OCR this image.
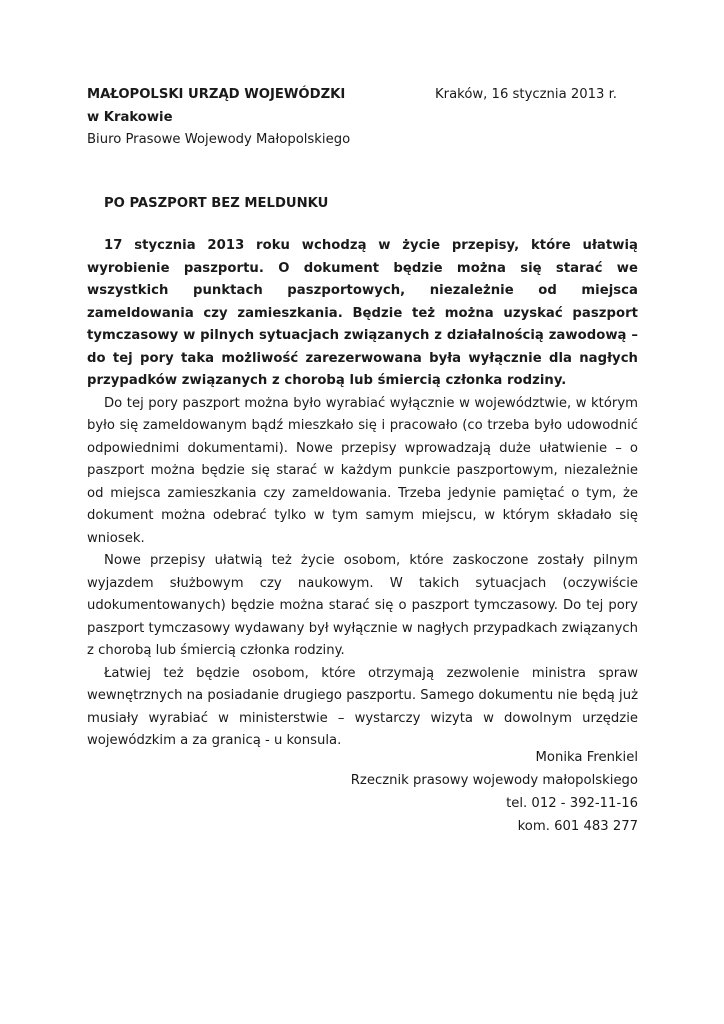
MAŁOPOLSKI URZĄD WOJEWÓDZKI
w Krakowie
Biuro Prasowe Wojewody Małopolskiego
Kraków, 16 stycznia 2013 r.
PO PASZPORT BEZ MELDUNKU

17 stycznia 2013 roku wchodzą w życie przepisy, które ułatwią wyrobienie paszportu. O dokument będzie można się starać we wszystkich punktach paszportowych, niezależnie od miejsca zameldowania czy zamieszkania. Będzie też można uzyskać paszport tymczasowy w pilnych sytuacjach związanych z działalnością zawodową – do tej pory taka możliwość zarezerwowana była wyłącznie dla nagłych przypadków związanych z chorobą lub śmiercią członka rodziny.

Do tej pory paszport można było wyrabiać wyłącznie w województwie, w którym było się zameldowanym bądź mieszkało się i pracowało (co trzeba było udowodnić odpowiednimi dokumentami). Nowe przepisy wprowadzają duże ułatwienie – o paszport można będzie się starać w każdym punkcie paszportowym, niezależnie od miejsca zamieszkania czy zameldowania. Trzeba jedynie pamiętać o tym, że dokument można odebrać tylko w tym samym miejscu, w którym składało się wniosek.

Nowe przepisy ułatwią też życie osobom, które zaskoczone zostały pilnym wyjazdem służbowym czy naukowym. W takich sytuacjach (oczywiście udokumentowanych) będzie można starać się o paszport tymczasowy. Do tej pory paszport tymczasowy wydawany był wyłącznie w nagłych przypadkach związanych z chorobą lub śmiercią członka rodziny.

Łatwiej też będzie osobom, które otrzymają zezwolenie ministra spraw wewnętrznych na posiadanie drugiego paszportu. Samego dokumentu nie będą już musiały wyrabiać w ministerstwie – wystarczy wizyta w dowolnym urzędzie wojewódzkim a za granicą - u konsula.

Monika Frenkiel
Rzecznik prasowy wojewody małopolskiego
tel. 012 - 392-11-16
kom. 601 483 277
